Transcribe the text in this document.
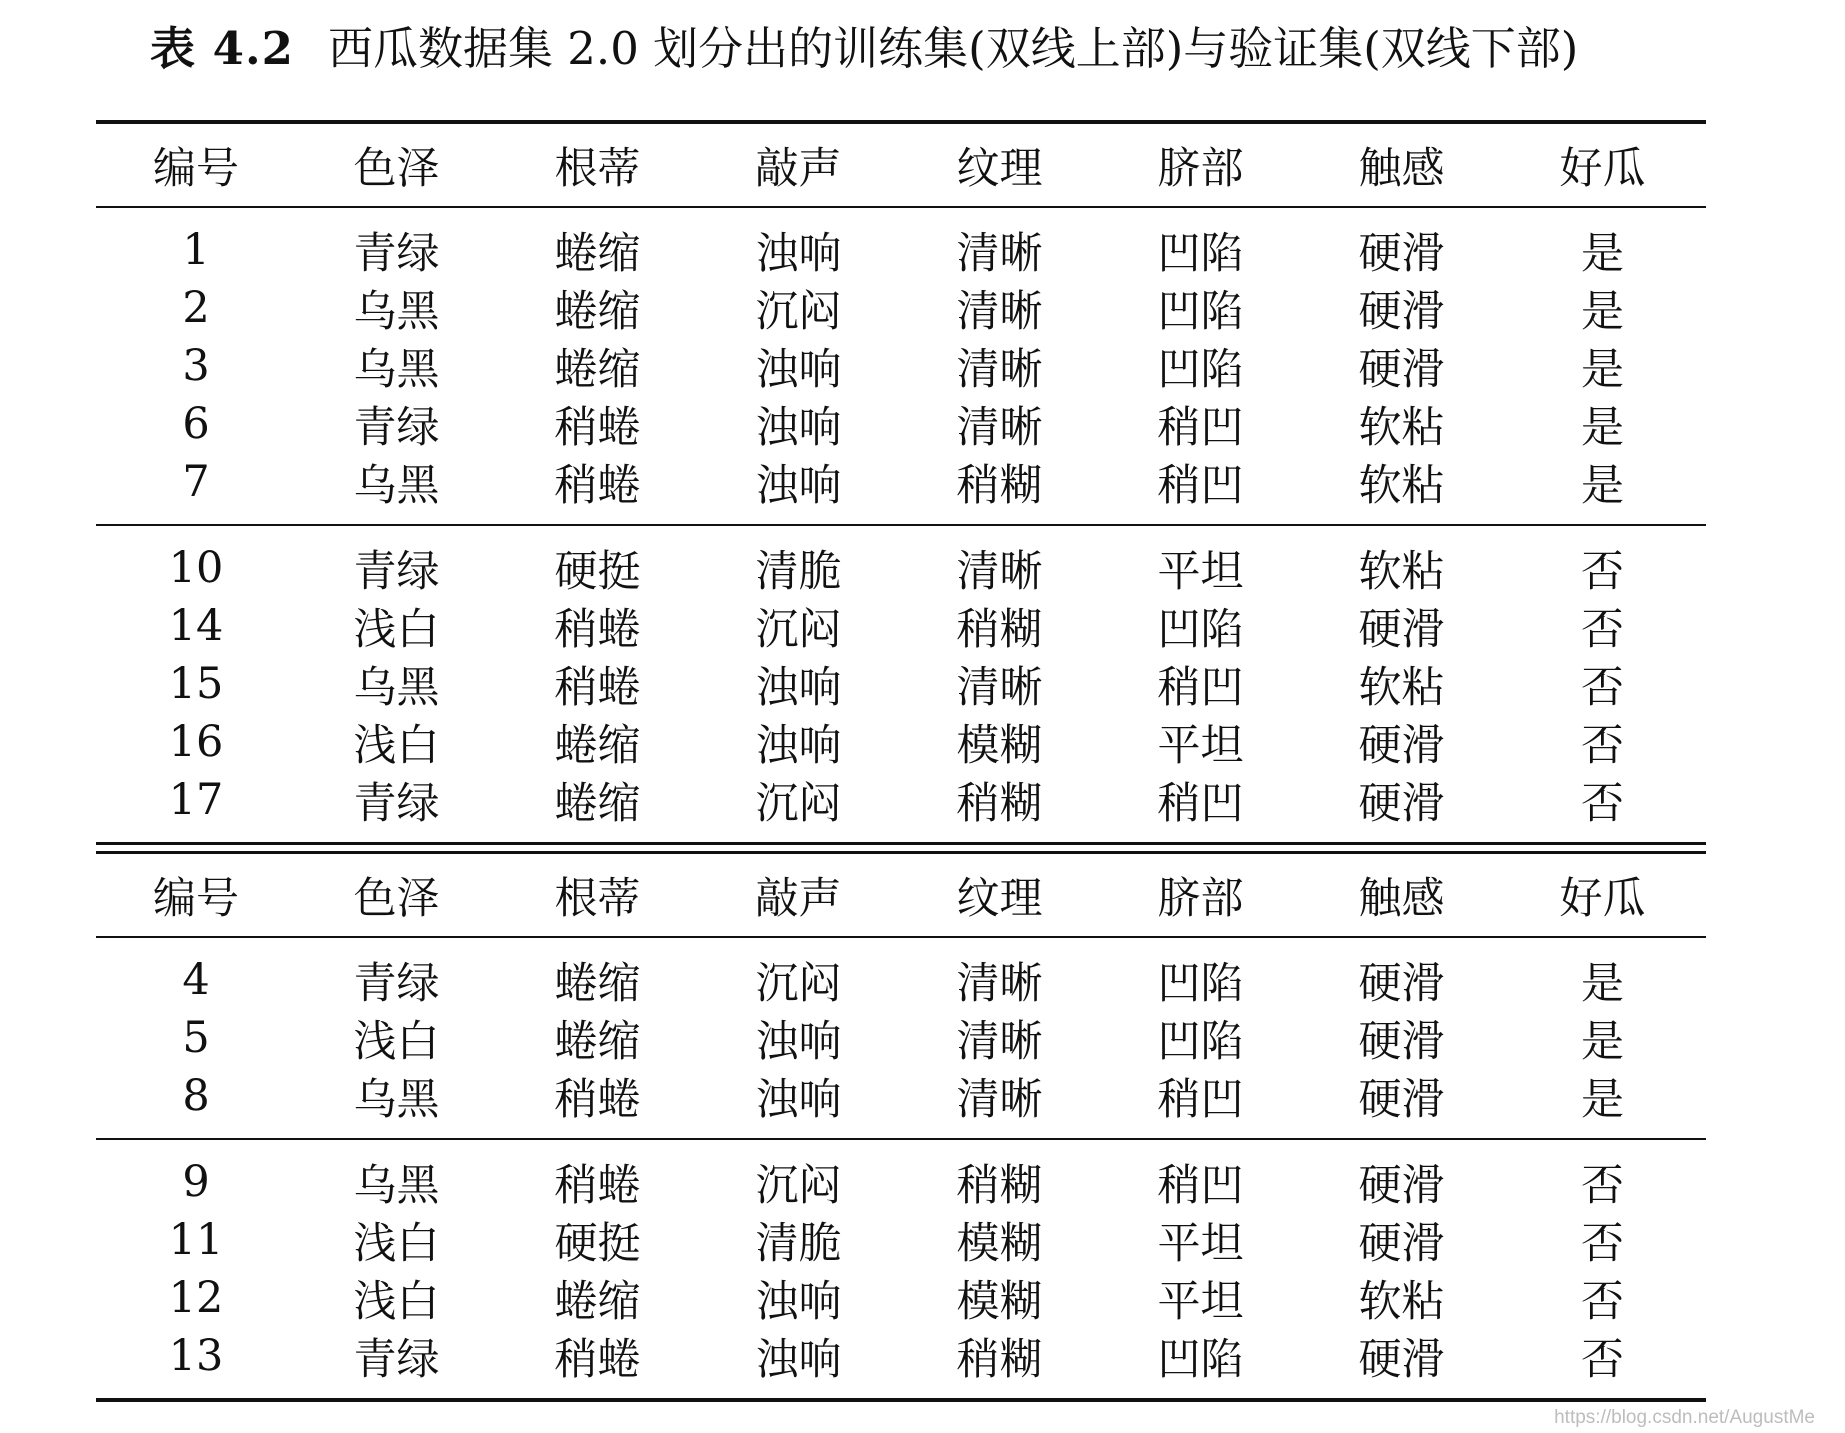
表 4.2 西瓜数据集 2.0 划分出的训练集(双线上部)与验证集(双线下部)
编号	色泽	根蒂	敲声	纹理	脐部	触感	好瓜
1	青绿	蜷缩	浊响	清晰	凹陷	硬滑	是
2	乌黑	蜷缩	沉闷	清晰	凹陷	硬滑	是
3	乌黑	蜷缩	浊响	清晰	凹陷	硬滑	是
6	青绿	稍蜷	浊响	清晰	稍凹	软粘	是
7	乌黑	稍蜷	浊响	稍糊	稍凹	软粘	是
10	青绿	硬挺	清脆	清晰	平坦	软粘	否
14	浅白	稍蜷	沉闷	稍糊	凹陷	硬滑	否
15	乌黑	稍蜷	浊响	清晰	稍凹	软粘	否
16	浅白	蜷缩	浊响	模糊	平坦	硬滑	否
17	青绿	蜷缩	沉闷	稍糊	稍凹	硬滑	否
编号	色泽	根蒂	敲声	纹理	脐部	触感	好瓜
4	青绿	蜷缩	沉闷	清晰	凹陷	硬滑	是
5	浅白	蜷缩	浊响	清晰	凹陷	硬滑	是
8	乌黑	稍蜷	浊响	清晰	稍凹	硬滑	是
9	乌黑	稍蜷	沉闷	稍糊	稍凹	硬滑	否
11	浅白	硬挺	清脆	模糊	平坦	硬滑	否
12	浅白	蜷缩	浊响	模糊	平坦	软粘	否
13	青绿	稍蜷	浊响	稍糊	凹陷	硬滑	否
https://blog.csdn.net/AugustMe
